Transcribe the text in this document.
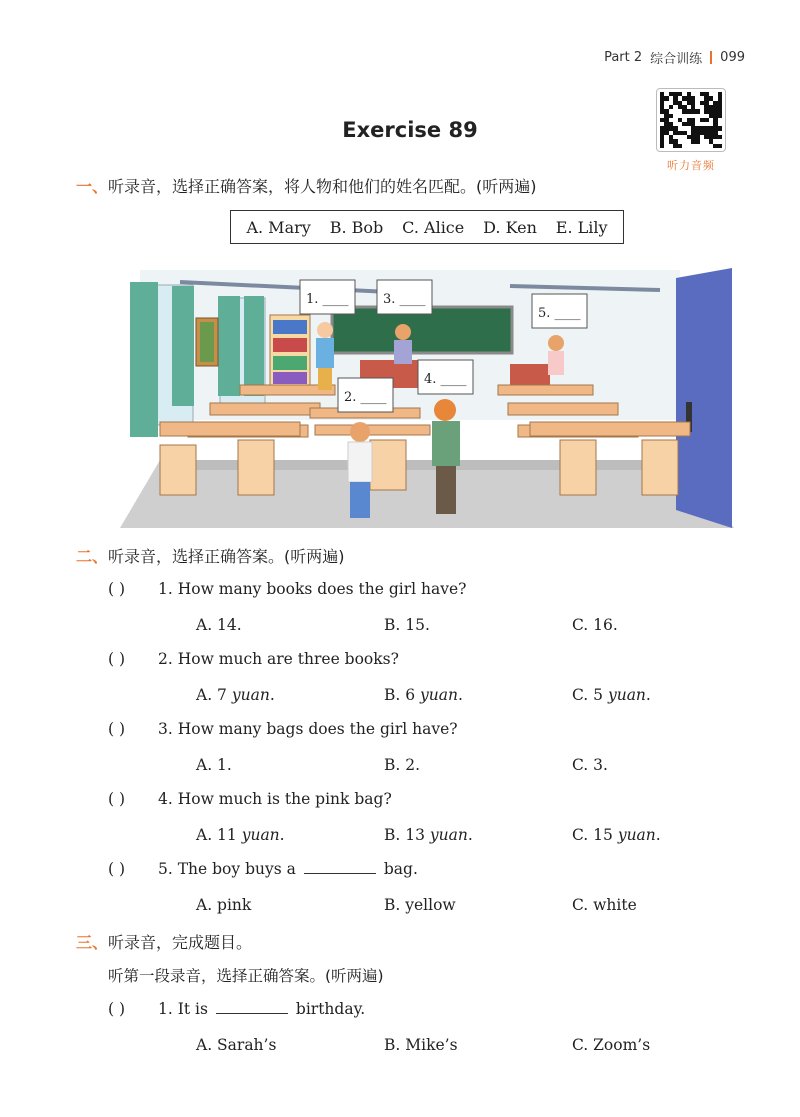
Part 2 综合训练 099
听力音频
Exercise 89
一、听录音，选择正确答案，将人物和他们的姓名匹配。(听两遍)
A. Mary B. Bob C. Alice D. Ken E. Lily
1. ____
2. ____
3. ____
4. ____
5. ____
二、听录音，选择正确答案。(听两遍)
( ) 1. How many books does the girl have?
A. 14.	B. 15.	C. 16.
( ) 2. How much are three books?
A. 7 yuan.	B. 6 yuan.	C. 5 yuan.
( ) 3. How many bags does the girl have?
A. 1.	B. 2.	C. 3.
( ) 4. How much is the pink bag?
A. 11 yuan.	B. 13 yuan.	C. 15 yuan.
( ) 5. The boy buys a	bag.
A. pink	B. yellow	C. white
三、听录音，完成题目。
听第一段录音，选择正确答案。(听两遍)
( ) 1. It is	birthday.
A. Sarah’s	B. Mike’s	C. Zoom’s
